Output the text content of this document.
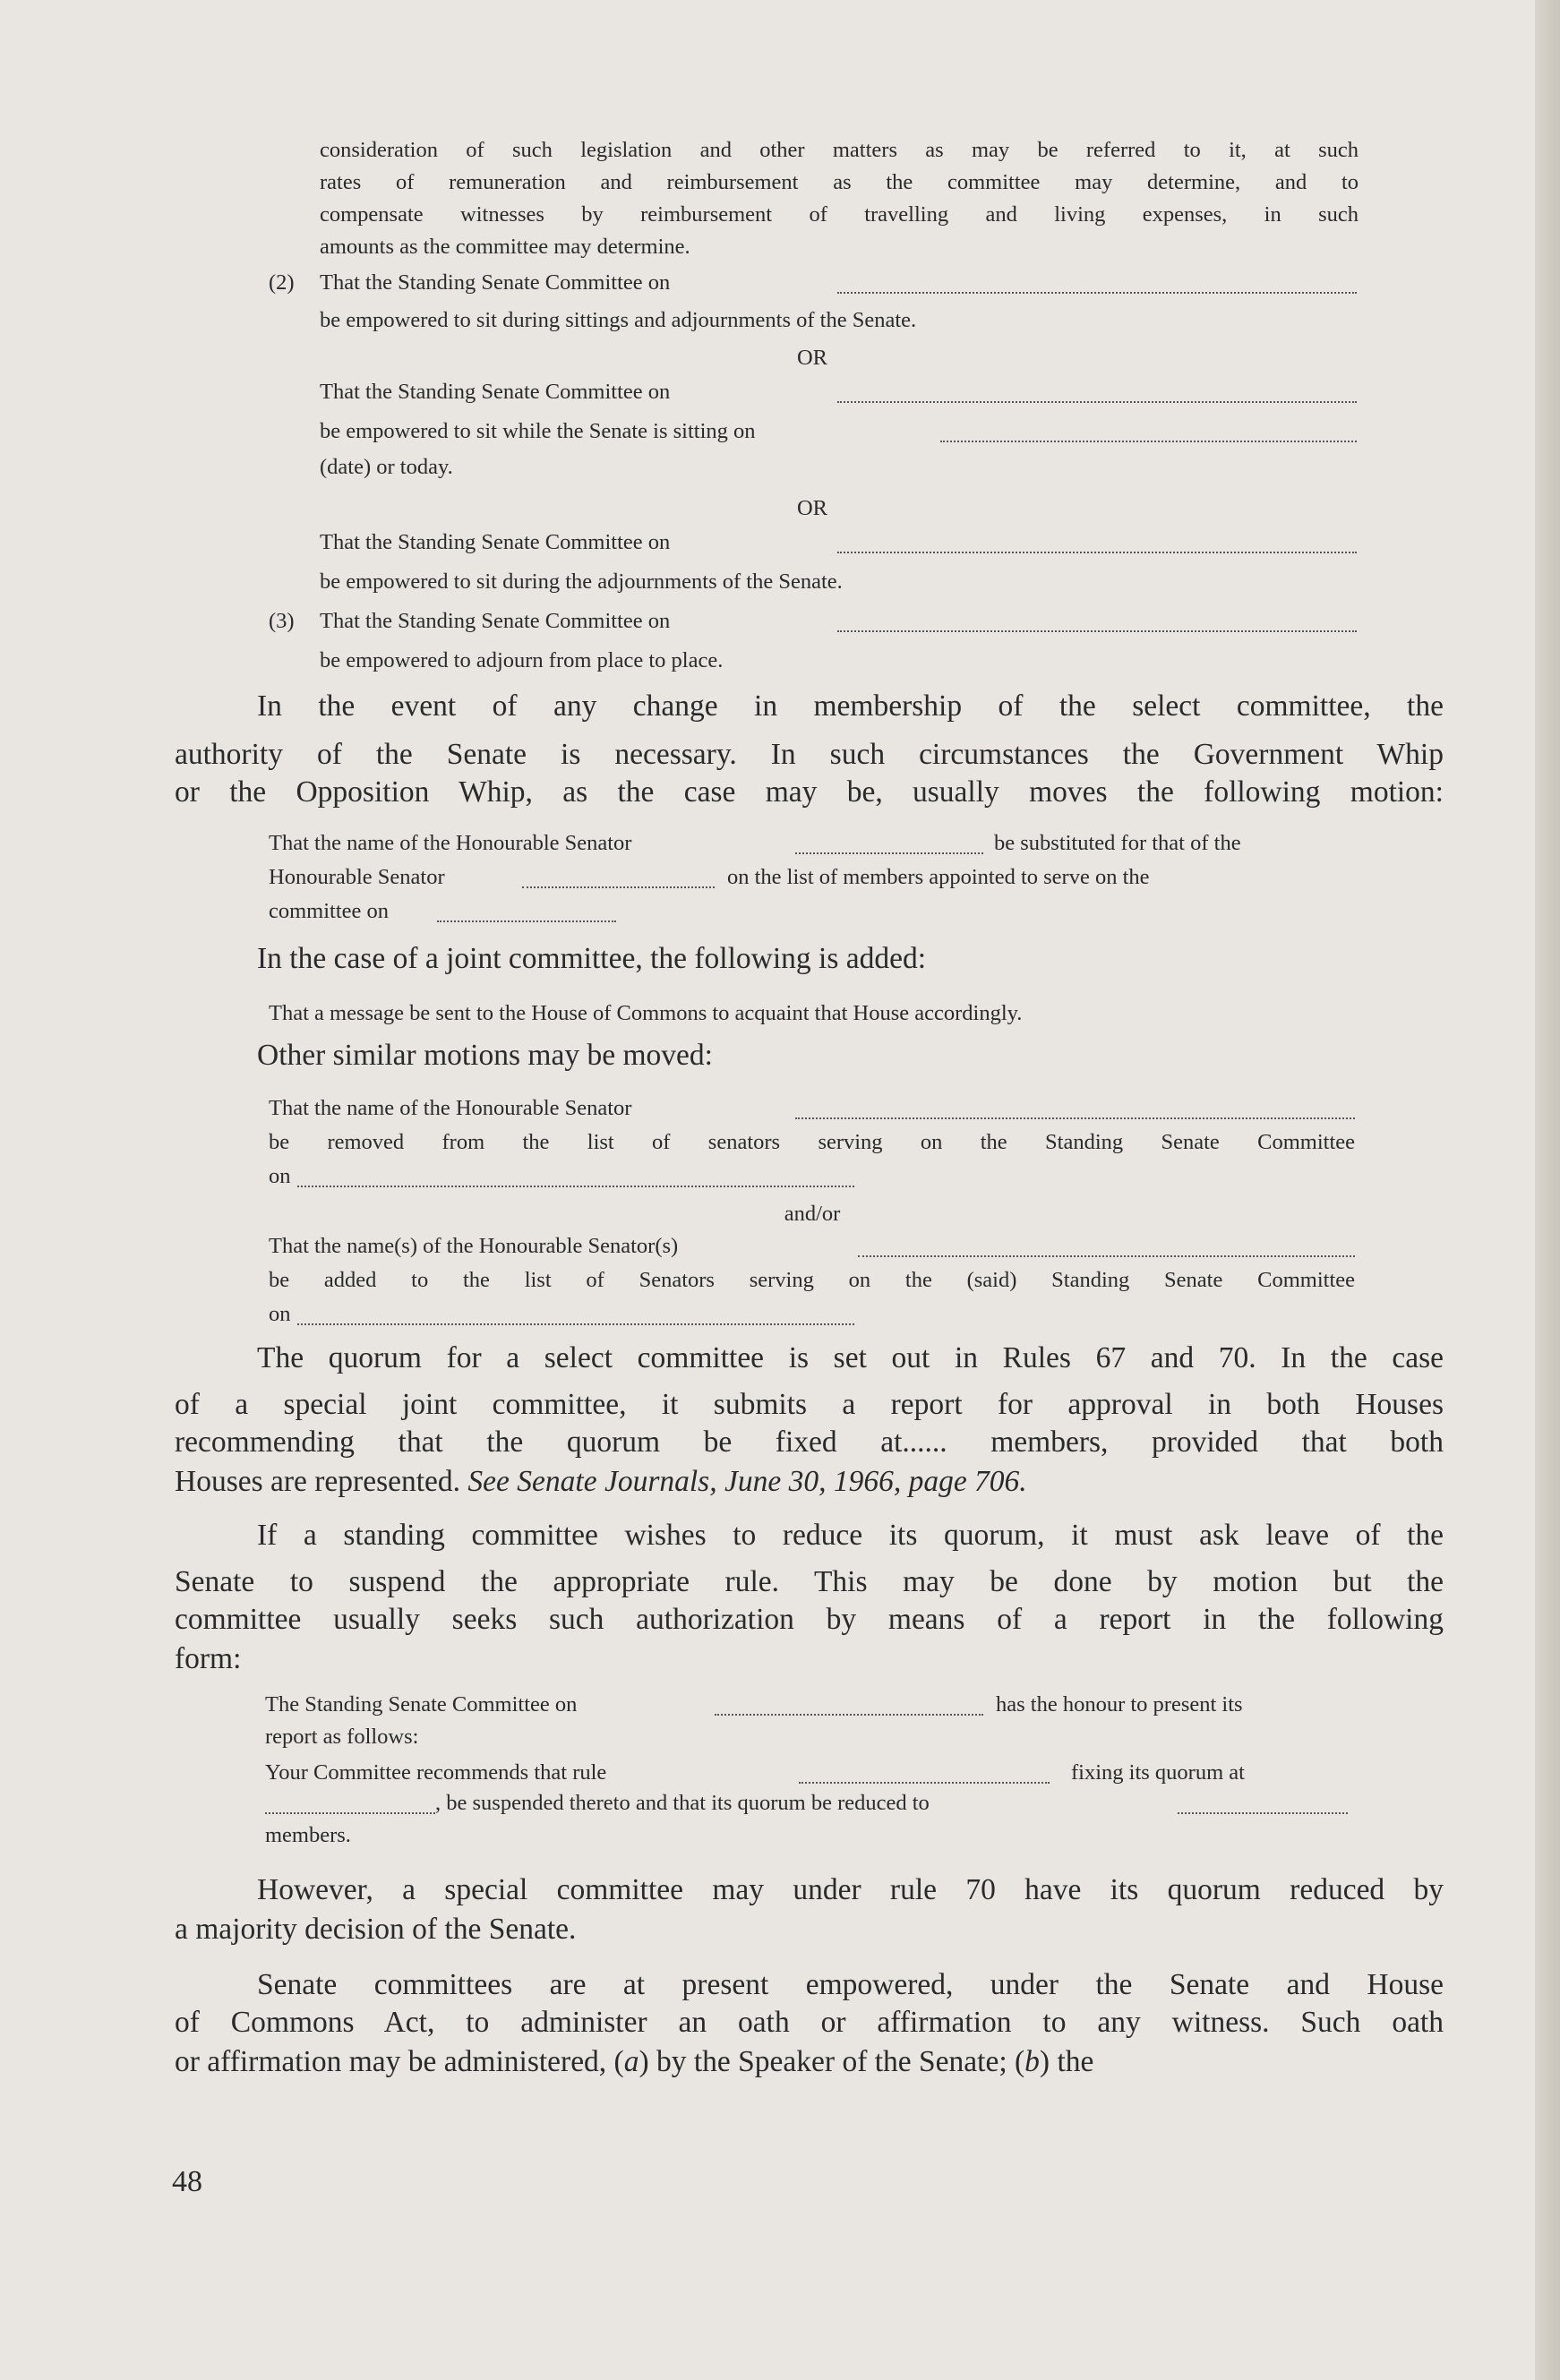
consideration of such legislation and other matters as may be referred to it, at such
rates of remuneration and reimbursement as the committee may determine, and to
compensate witnesses by reimbursement of travelling and living expenses, in such
amounts as the committee may determine.
(2) That the Standing Senate Committee on
be empowered to sit during sittings and adjournments of the Senate.
OR
That the Standing Senate Committee on
be empowered to sit while the Senate is sitting on
(date) or today.
OR
That the Standing Senate Committee on
be empowered to sit during the adjournments of the Senate.
(3) That the Standing Senate Committee on
be empowered to adjourn from place to place.
In the event of any change in membership of the select committee, the
authority of the Senate is necessary. In such circumstances the Government Whip
or the Opposition Whip, as the case may be, usually moves the following motion:
That the name of the Honourable Senator	be substituted for that of the
Honourable Senator	on the list of members appointed to serve on the
committee on
In the case of a joint committee, the following is added:
That a message be sent to the House of Commons to acquaint that House accordingly.
Other similar motions may be moved:
That the name of the Honourable Senator
be removed from the list of senators serving on the Standing Senate Committee
on
and/or
That the name(s) of the Honourable Senator(s)
be added to the list of Senators serving on the (said) Standing Senate Committee
on
The quorum for a select committee is set out in Rules 67 and 70. In the case
of a special joint committee, it submits a report for approval in both Houses
recommending that the quorum be fixed at...... members, provided that both
Houses are represented. See Senate Journals, June 30, 1966, page 706.
If a standing committee wishes to reduce its quorum, it must ask leave of the
Senate to suspend the appropriate rule. This may be done by motion but the
committee usually seeks such authorization by means of a report in the following
form:
The Standing Senate Committee on	has the honour to present its
report as follows:
Your Committee recommends that rule	fixing its quorum at
, be suspended thereto and that its quorum be reduced to
members.
However, a special committee may under rule 70 have its quorum reduced by
a majority decision of the Senate.
Senate committees are at present empowered, under the Senate and House
of Commons Act, to administer an oath or affirmation to any witness. Such oath
or affirmation may be administered, (a) by the Speaker of the Senate; (b) the
48
